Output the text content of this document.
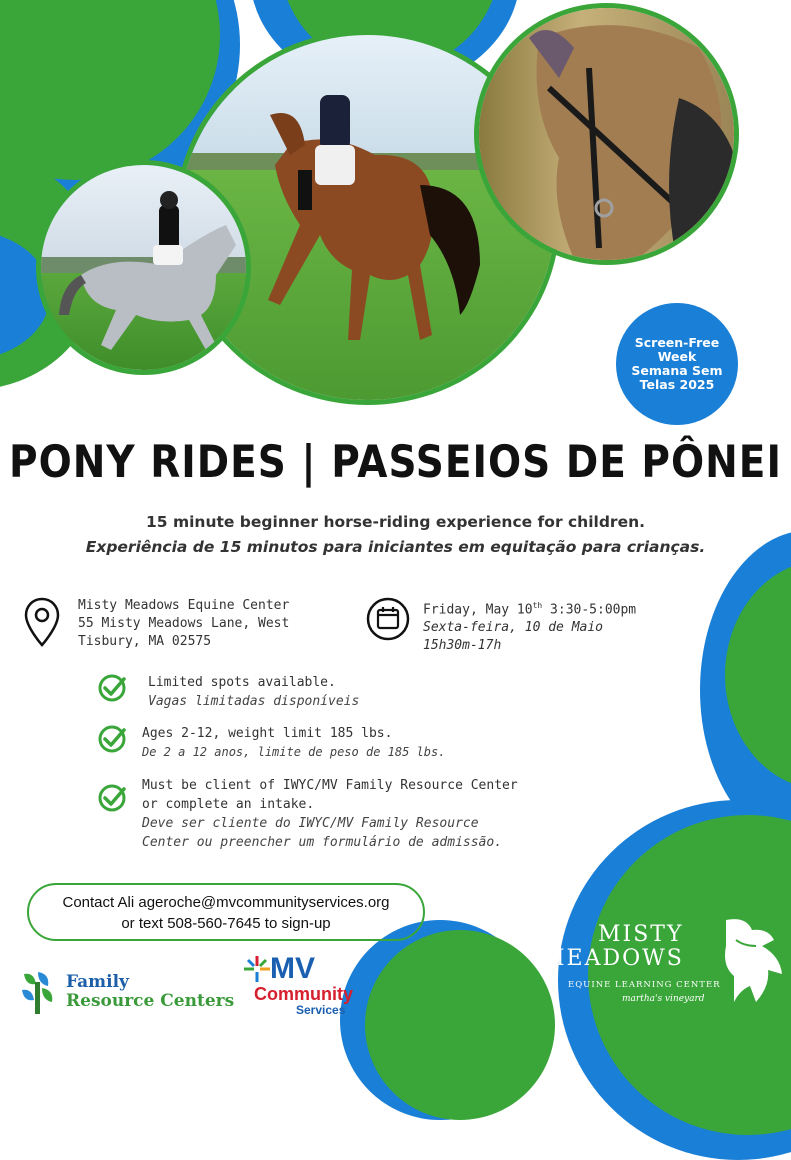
Screen-Free
Week
Semana Sem
Telas 2025
PONY RIDES | PASSEIOS DE PÔNEI
15 minute beginner horse-riding experience for children.
Experiência de 15 minutos para iniciantes em equitação para crianças.
Misty Meadows Equine Center
55 Misty Meadows Lane, West
Tisbury, MA 02575
Friday, May 10th 3:30-5:00pm
Sexta-feira, 10 de Maio
15h30m-17h
Limited spots available.
Vagas limitadas disponíveis
Ages 2-12, weight limit 185 lbs.
De 2 a 12 anos, limite de peso de 185 lbs.
Must be client of IWYC/MV Family Resource Center
or complete an intake.
Deve ser cliente do IWYC/MV Family Resource
Center ou preencher um formulário de admissão.
Contact Ali ageroche@mvcommunityservices.org
or text 508-560-7645 to sign-up
Family
Resource Centers
MV
Community
Services
MISTY
MEADOWS
EQUINE LEARNING CENTER
martha's vineyard
